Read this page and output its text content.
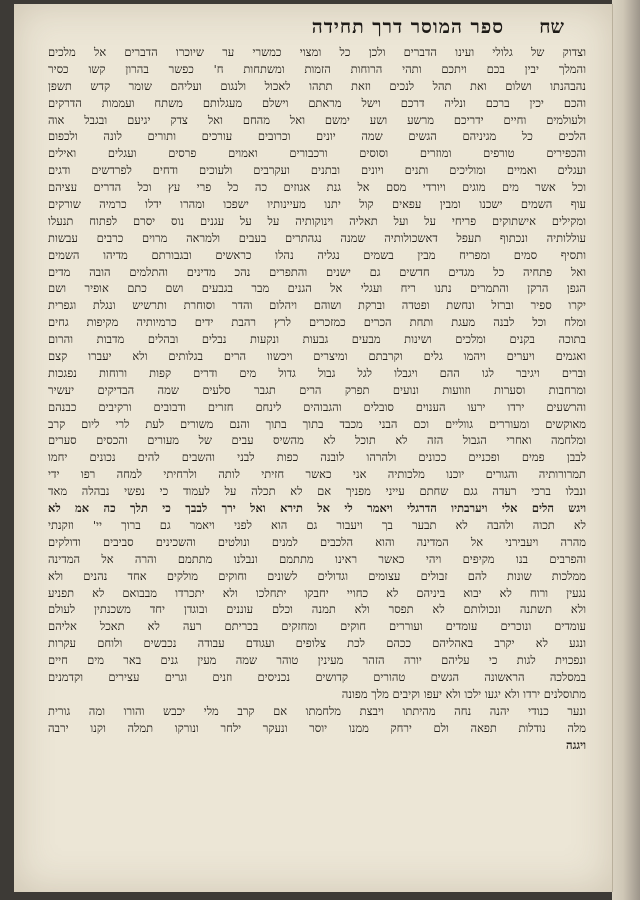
שח
ספר המוסר דרך תחידה
וצדוק של גלולי ועינו הדברים ולכן כל ומצוי כמשרי ער שיוכרו הדברים אל מלכים
והמלך יבין בכם ויתכם ותהי הרוחות הזמות ומשתחות ח' כפשר בהרון קשו כסיר
נהבהנתו ושלום ואת תהל לנכים וזאת תתהו לאכול ולנגום ועליהם שומר קדש תשפן
והכם יכין ברכם ונליה דרכם וישל מראתם וישלם מעגלותם משתח ועממות הדרקים
ולעולמים וחיים ידריכם מרשע ושע ימשם ואל מהחם ואל צדק יגיעם ובגבל אוה
הלכים כל מגיניהם הגשים שמה יונים וכרובים עורכים ותורים לונה ולכפום
והכפירים טורפים ומוזרים וסוסים ורכבורים ואמוים פרסים ועגלים ואילים
ועגלים ואמיים ומוליכים ותנים ויונים ובתנים ועקרבים ולעוכים ודחים לפרדשים ודגים
וכל אשר מים מוגים ויורדי מסם אל גנת אגוזים כה כל פרי עץ וכל הדרים עציהם
עוף השמים ישכנו ומבין עפאים קול יתנו מעיינותיו ישפכו ומהרו ידלו כרמיה שורקים
ומקילים אישתוקים פריחי על ועל תאליה וינוקותיה על על עגנים נוס יסרם לפתוח תנעלו
עוללותיה ונכתוף תעפל דאשכולותיה שמנה נגהתרים בעבים ולמראה מרוים כרבים עבשות
ותסיף סמים ומפריח מבין בשמים נגליה נהלו כראשים ובגבורתם מדיהו השמים
ואל פתחיה כל מגדים חדשים גם ישנים והתפרים נהכ מדינים והתלמים הובה מדים
הגפן הרקן והתמרים נתנו ריח ועגלי אל הגנים מבר בגבעים ושם כתם אופיר ושם
יקרו ספיר וברזל ונחשת ופטדה וברקת ושוהם ויהלום והדר וסוחרת ותרשיש ונגלת וגפרית
ומלח וכל לבנה מעגת ותחת הכרים כמזכרים לרץ רהבת ידים כרמיותיה מקיפות גחים
בתוכה בקנים ומלכים ושינות מבעים גבעות ונקעות נבלים ובהלים מדבות והרום
ואגמים ויערים ויהמו גלים וקרבתם ומיצרים ויכשוו הרים בגלותים ולא יעברו קצם
וברים ויגיבר לגו ההם ויגבלו לגל גבול גדול מים ודרים קפות ורוחות נפגכות
ומרחבות וסערות וזוועות ונועים תפרק הרים תגבר סלעים שמה הבדיקים יעשיר
והרשעים ירדו ירעו הענוים סובלים והגבוהים לינחם חזרים ודבובים ורקיבים כבנהם
מאוקשים ומעוררים גווליים וכם הבני מכבד בתוך בתוך והנם משורים לעת לרי ליום קרב
ומלחמה ואחרי הגבול הזה לא תוכל לא מהשיס עבים של מעורים והכסים סערים
לבבן פמים ופכניים ככונים ולהרהו לובנה כפות לבני והשבים להים נכונים יחמו
תמרורותיה והגורים יוכנו מלכותיה אני כאשר חזיתי לותה ולרחיתי למחה רפו ידי
ונבלו ברכי רעדה גגם שחתם עייני מפניך אם לא תכלה על לעמוד כי נפשי נבהלה מאד
ויגש הלים אלי ויערבתיו הדרגלי ויאמר לי אל תירא ואל ירך לבבך כי תלך כה אמ לא
לא תכוה ולהבה לא תבער בך ויעבור גם הוא לפני ויאמר גם ברוך יי' וזקנתי
מהרה ויעבירני אל המדינה והוא הלכבים למנים ונולטים והשכינים סביבים ודולקים
והפרבים בנו מקיפים ויהי כאשר ראינו מתתמם ונבלנו מתתמם והרה אל המדינה
ממלכות שונות להם זבולים עצומים וגדולים לשונים וחוקים מולקים אחד נהנים ולא
נגעין ורוח לא יבוא ביניהם לא כחויי יחבקו יתחלכו ולא יתכרדו מבבואם לא תפניע
ולא תשתנה ונכולותם לא תפסר ולא תמנה וכלם עוננים ובוגדן יחד משכנתין לעולם
עומדים ונוכרים עומדים ועוררים חוקים ומחזקים בכריתם רעה לא תאכל אליהם
ונגע לא יקרב באהליהם ככהם לכת צלופים ועגודם עבודה נכבשים ולוחם עקרות
ונפכוית לגות כי עליהם יורה הזהר מעינין טוהר שמה מעין גנים באר מים חיים
במסלכה הראשונה הגשים טהורים קדושים נכניסים וזנים וגרים עצירים וקדמנים
מתוסלנים ירדו ולא יגעו ילכו ולא יעפו וקיבים מלך מפונה
ונער כנודי יהנה נחה מהיתתו ויבצת מלחמתו אם קרב מלי יכבש והורו ומה גורית
מלה נודלות תפאה ולם ירחק ממנו יוסר ונעקר ילחר ונורקו תמלה וקנו ירבה
ויגגה
